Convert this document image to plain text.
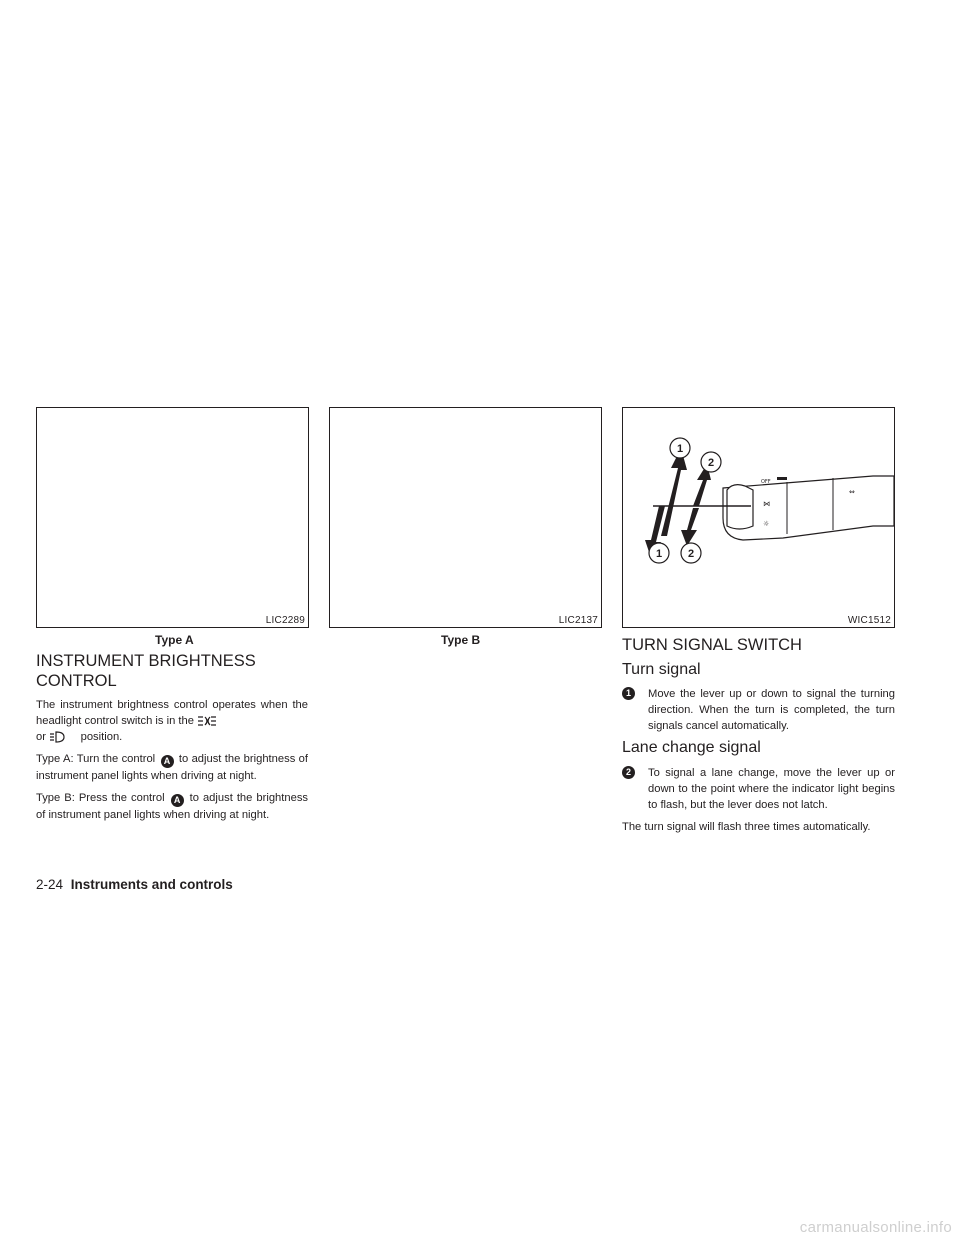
LIC2289
Type A
LIC2137
Type B
OFF
⋈
☼
⇔
1
2
1 2
WIC1512
INSTRUMENT BRIGHTNESS CONTROL

The instrument brightness control operates when the headlight control switch is in the
or	position.

Type A: Turn the control A to adjust the brightness of instrument panel lights when driving at night.

Type B: Press the control A to adjust the brightness of instrument panel lights when driving at night.

TURN SIGNAL SWITCH
Turn signal

1	Move the lever up or down to signal the turning direction. When the turn is completed, the turn signals cancel automatically.

Lane change signal

2	To signal a lane change, move the lever up or down to the point where the indicator light begins to flash, but the lever does not latch.

The turn signal will flash three times automatically.

2-24 Instruments and controls
carmanualsonline.info
